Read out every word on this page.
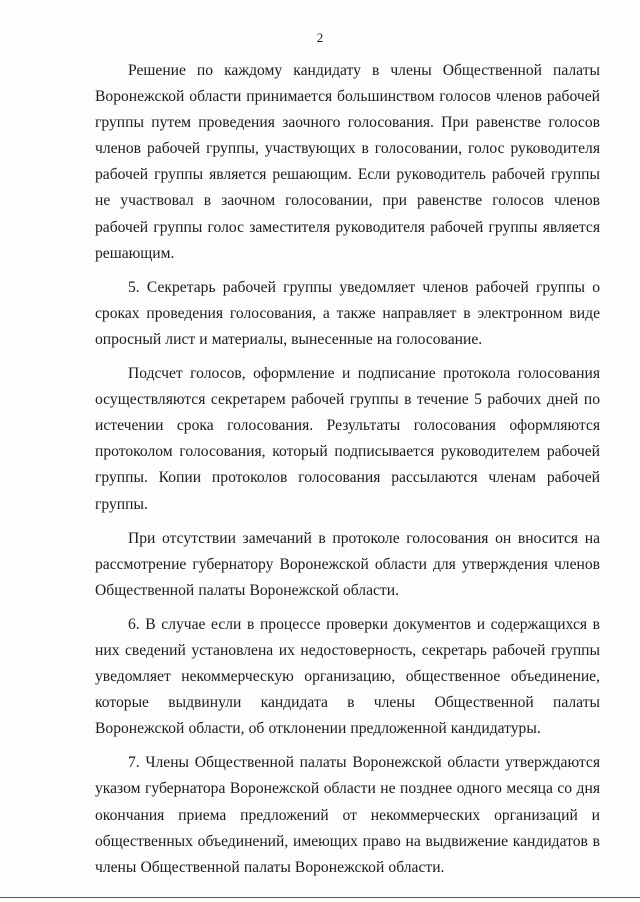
2

Решение по каждому кандидату в члены Общественной палаты Воронежской области принимается большинством голосов членов рабочей группы путем проведения заочного голосования. При равенстве голосов членов рабочей группы, участвующих в голосовании, голос руководителя рабочей группы является решающим. Если руководитель рабочей группы не участвовал в заочном голосовании, при равенстве голосов членов рабочей группы голос заместителя руководителя рабочей группы является решающим.

5. Секретарь рабочей группы уведомляет членов рабочей группы о сроках проведения голосования, а также направляет в электронном виде опросный лист и материалы, вынесенные на голосование.

Подсчет голосов, оформление и подписание протокола голосования осуществляются секретарем рабочей группы в течение 5 рабочих дней по истечении срока голосования. Результаты голосования оформляются протоколом голосования, который подписывается руководителем рабочей группы. Копии протоколов голосования рассылаются членам рабочей группы.

При отсутствии замечаний в протоколе голосования он вносится на рассмотрение губернатору Воронежской области для утверждения членов Общественной палаты Воронежской области.

6. В случае если в процессе проверки документов и содержащихся в них сведений установлена их недостоверность, секретарь рабочей группы уведомляет некоммерческую организацию, общественное объединение, которые выдвинули кандидата в члены Общественной палаты Воронежской области, об отклонении предложенной кандидатуры.

7. Члены Общественной палаты Воронежской области утверждаются указом губернатора Воронежской области не позднее одного месяца со дня окончания приема предложений от некоммерческих организаций и общественных объединений, имеющих право на выдвижение кандидатов в члены Общественной палаты Воронежской области.
